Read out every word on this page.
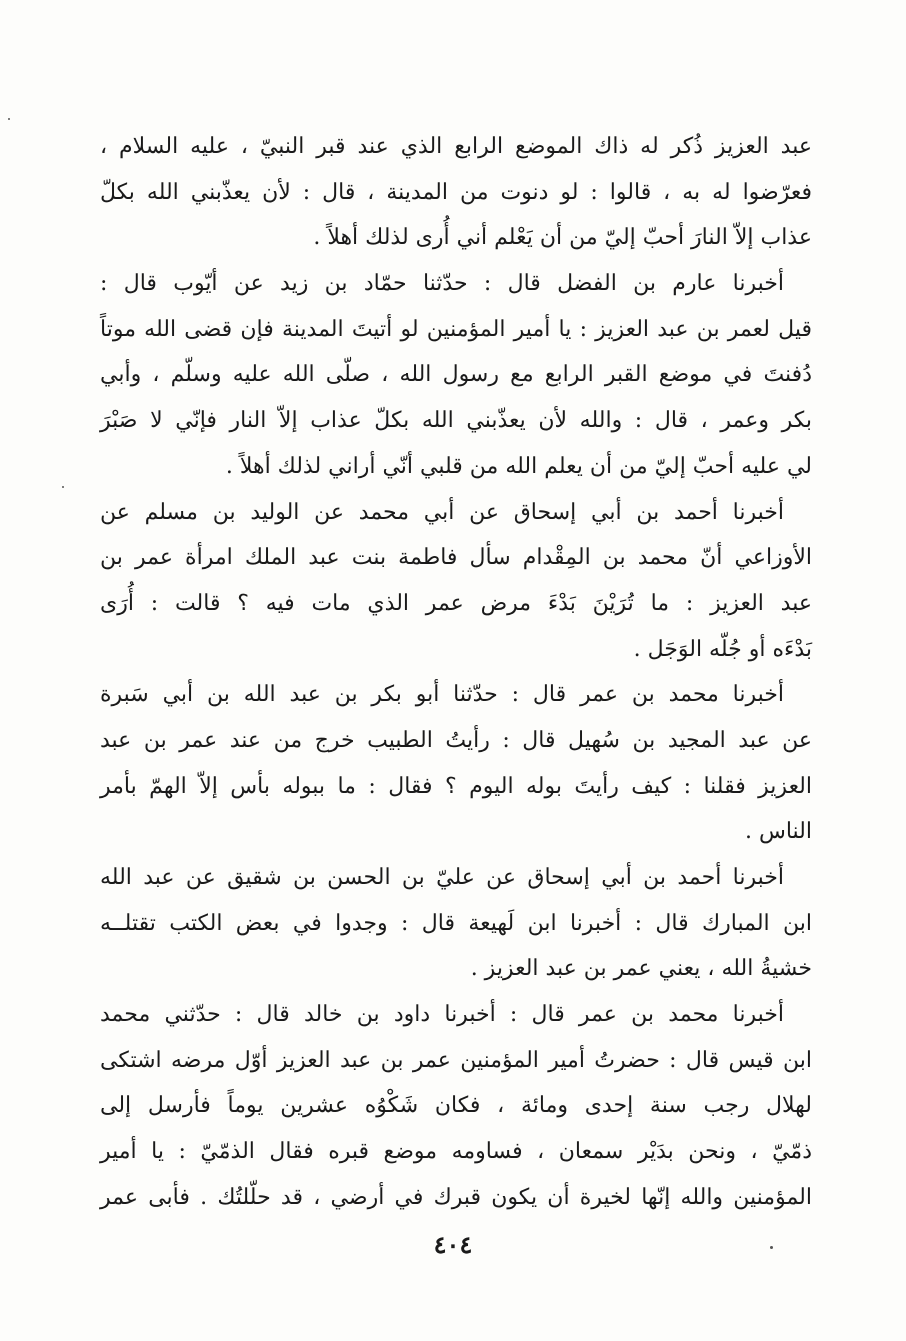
عبد العزيز ذُكر له ذاك الموضع الرابع الذي عند قبر النبيّ ، عليه السلام ،
فعرّضوا له به ، قالوا : لو دنوت من المدينة ، قال : لأن يعذّبني الله بكلّ
عذاب إلاّ النارَ أحبّ إليّ من أن يَعْلم أني أُرى لذلك أهلاً .
أخبرنا عارم بن الفضل قال : حدّثنا حمّاد بن زيد عن أيّوب قال :
قيل لعمر بن عبد العزيز : يا أمير المؤمنين لو أتيتَ المدينة فإن قضى الله موتاً
دُفنتَ في موضع القبر الرابع مع رسول الله ، صلّى الله عليه وسلّم ، وأبي
بكر وعمر ، قال : والله لأن يعذّبني الله بكلّ عذاب إلاّ النار فإنّي لا صَبْرَ
لي عليه أحبّ إليّ من أن يعلم الله من قلبي أنّي أراني لذلك أهلاً .
أخبرنا أحمد بن أبي إسحاق عن أبي محمد عن الوليد بن مسلم عن
الأوزاعي أنّ محمد بن المِقْدام سأل فاطمة بنت عبد الملك امرأة عمر بن
عبد العزيز : ما تُرَيْنَ بَدْءَ مرض عمر الذي مات فيه ؟ قالت : أُرَى
بَدْءَه أو جُلّه الوَجَل .
أخبرنا محمد بن عمر قال : حدّثنا أبو بكر بن عبد الله بن أبي سَبرة
عن عبد المجيد بن سُهيل قال : رأيتُ الطبيب خرج من عند عمر بن عبد
العزيز فقلنا : كيف رأيتَ بوله اليوم ؟ فقال : ما ببوله بأس إلاّ الهمّ بأمر
الناس .
أخبرنا أحمد بن أبي إسحاق عن عليّ بن الحسن بن شقيق عن عبد الله
ابن المبارك قال : أخبرنا ابن لَهيعة قال : وجدوا في بعض الكتب تقتلــه
خشيةُ الله ، يعني عمر بن عبد العزيز .
أخبرنا محمد بن عمر قال : أخبرنا داود بن خالد قال : حدّثني محمد
ابن قيس قال : حضرتُ أمير المؤمنين عمر بن عبد العزيز أوّل مرضه اشتكى
لهلال رجب سنة إحدى ومائة ، فكان شَكْوُه عشرين يوماً فأرسل إلى
ذمّيّ ، ونحن بدَيْر سمعان ، فساومه موضع قبره فقال الذمّيّ : يا أمير
المؤمنين والله إنّها لخيرة أن يكون قبرك في أرضي ، قد حلّلتُك . فأبى عمر
٤٠٤
